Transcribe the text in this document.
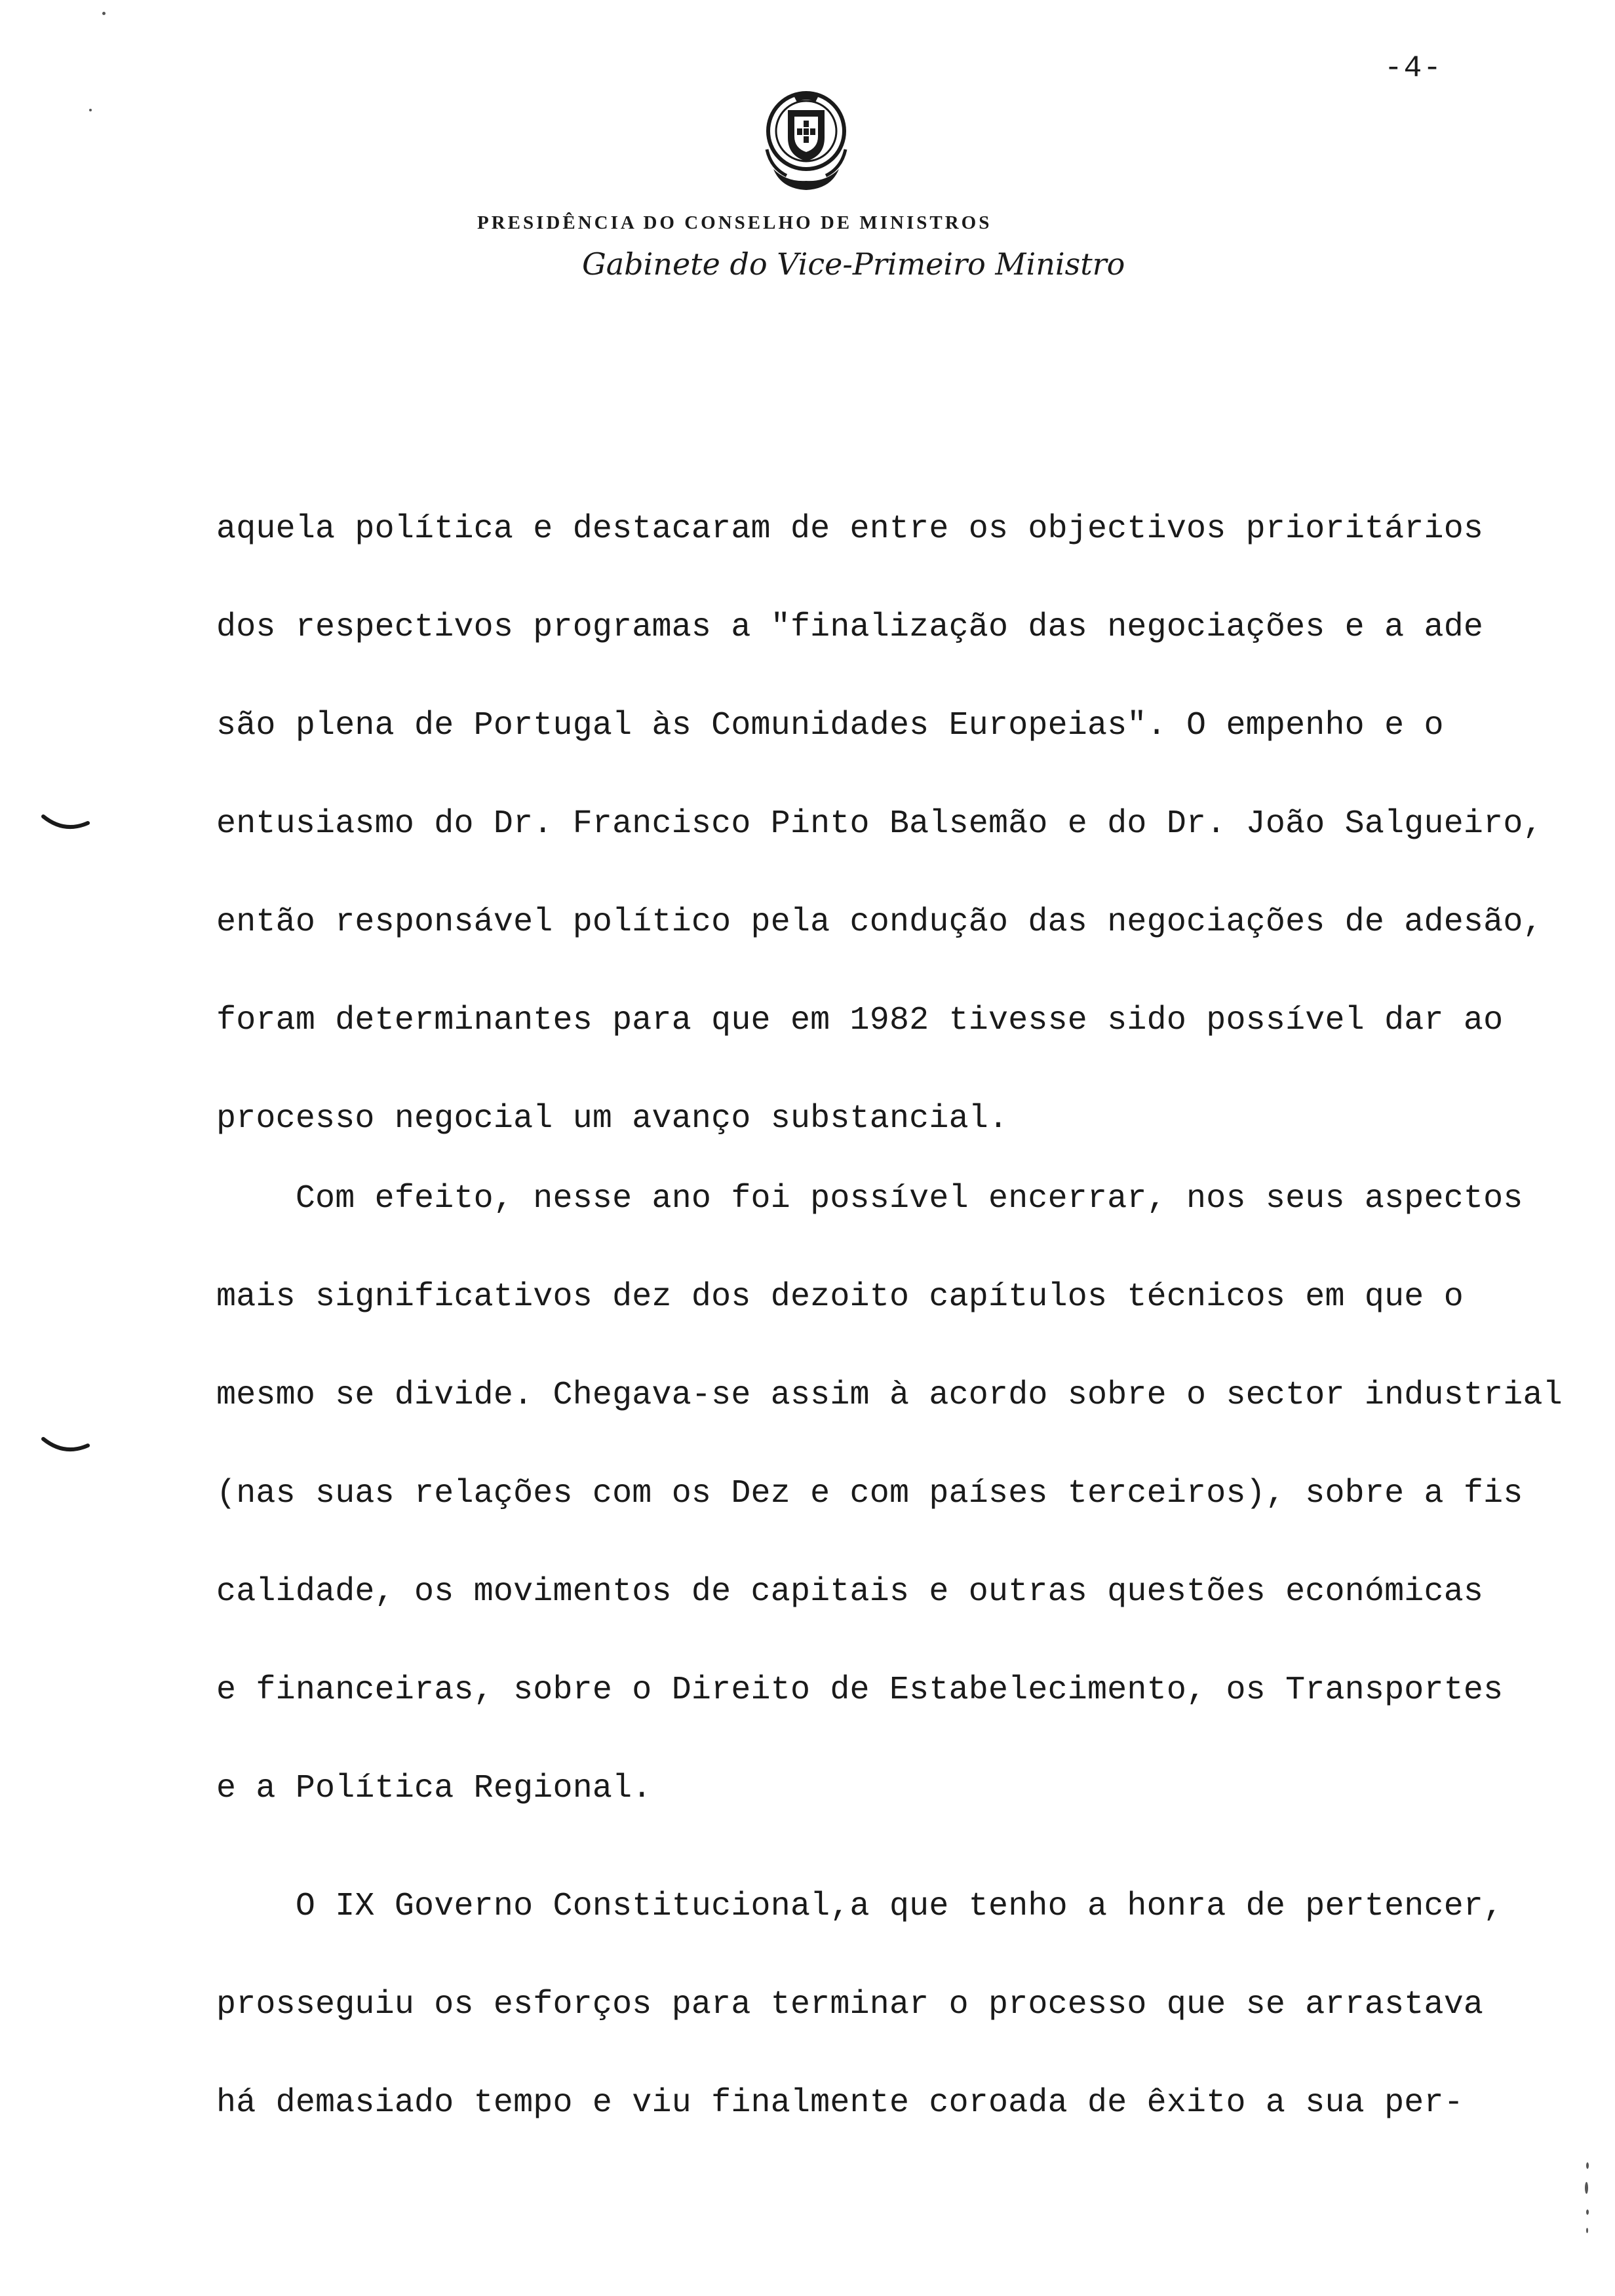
-4-
PRESIDÊNCIA DO CONSELHO DE MINISTROS
Gabinete do Vice-Primeiro Ministro
aquela política e destacaram de entre os objectivos prioritários
dos respectivos programas a "finalização das negociações e a ade
são plena de Portugal às Comunidades Europeias". O empenho e o
entusiasmo do Dr. Francisco Pinto Balsemão e do Dr. João Salgueiro,
então responsável político pela condução das negociações de adesão,
foram determinantes para que em 1982 tivesse sido possível dar ao
processo negocial um avanço substancial.
Com efeito, nesse ano foi possível encerrar, nos seus aspectos
mais significativos dez dos dezoito capítulos técnicos em que o
mesmo se divide. Chegava-se assim à acordo sobre o sector industrial
(nas suas relações com os Dez e com países terceiros), sobre a fis
calidade, os movimentos de capitais e outras questões económicas
e financeiras, sobre o Direito de Estabelecimento, os Transportes
e a Política Regional.
O IX Governo Constitucional,a que tenho a honra de pertencer,
prosseguiu os esforços para terminar o processo que se arrastava
há demasiado tempo e viu finalmente coroada de êxito a sua per-
